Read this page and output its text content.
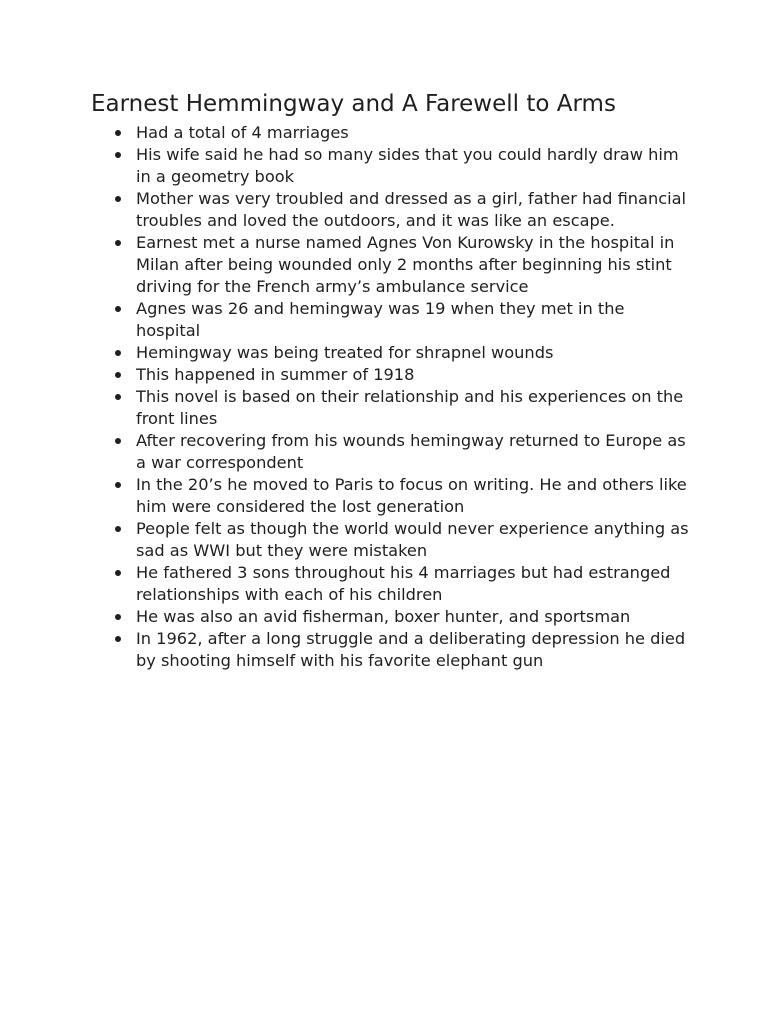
Earnest Hemmingway and A Farewell to Arms
Had a total of 4 marriages
His wife said he had so many sides that you could hardly draw him in a geometry book
Mother was very troubled and dressed as a girl, father had financial troubles and loved the outdoors, and it was like an escape.
Earnest met a nurse named Agnes Von Kurowsky in the hospital in Milan after being wounded only 2 months after beginning his stint driving for the French army’s ambulance service
Agnes was 26 and hemingway was 19 when they met in the hospital
Hemingway was being treated for shrapnel wounds
This happened in summer of 1918
This novel is based on their relationship and his experiences on the front lines
After recovering from his wounds hemingway returned to Europe as a war correspondent
In the 20’s he moved to Paris to focus on writing. He and others like him were considered the lost generation
People felt as though the world would never experience anything as sad as WWI but they were mistaken
He fathered 3 sons throughout his 4 marriages but had estranged relationships with each of his children
He was also an avid fisherman, boxer hunter, and sportsman
In 1962, after a long struggle and a deliberating depression he died by shooting himself with his favorite elephant gun
